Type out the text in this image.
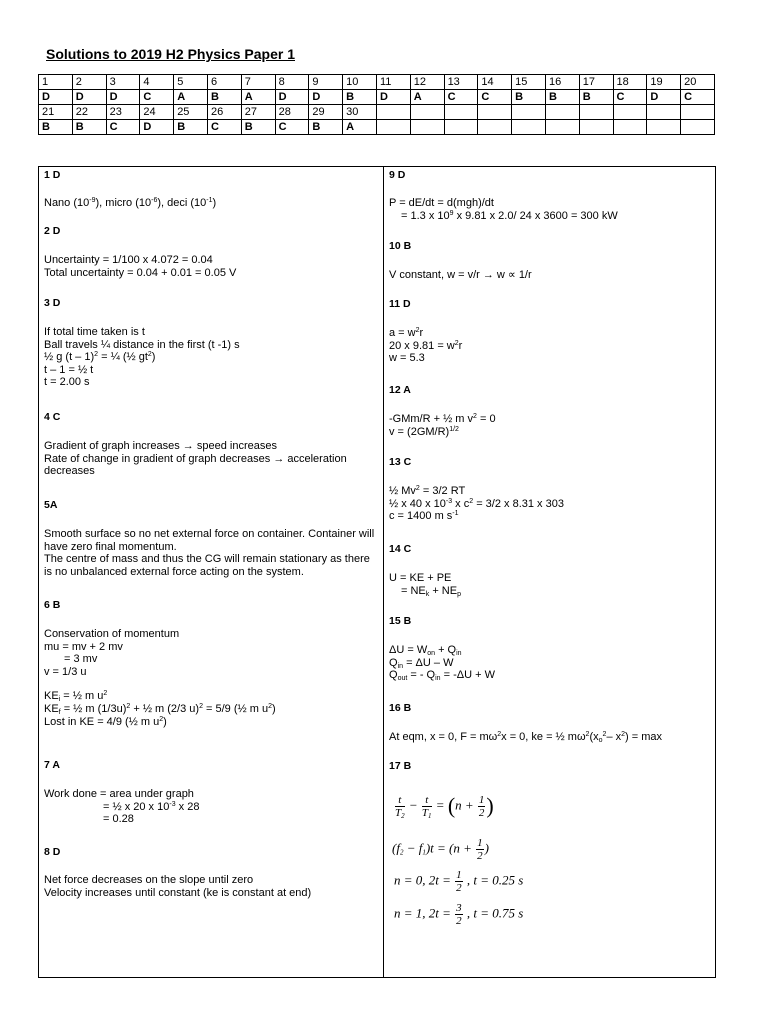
Solutions to 2019 H2 Physics Paper 1
1	2	3	4	5	6	7	8	9	10	11	12	13	14	15	16	17	18	19	20
D	D	D	C	A	B	A	D	D	B	D	A	C	C	B	B	B	C	D	C
21	22	23	24	25	26	27	28	29	30										
B	B	C	D	B	C	B	C	B	A										
1 D
Nano $(10^{-9})$, micro $(10^{-6})$, deci $(10^{-1})$
2 D
Uncertainty = 1/100 x 4.072 = 0.04
Total uncertainty = 0.04 + 0.01 = 0.05 V
3 D
If total time taken is t
Ball travels ¼ distance in the first (t -1) s
½ g (t – 1)$^2$ = ¼ (½ $gt^2$)
t – 1 = ½ t
t = 2.00 s
4 C
Gradient of graph increases → speed increases
Rate of change in gradient of graph decreases → acceleration decreases
5A
Smooth surface so no net external force on container. Container will have zero final momentum.
The centre of mass and thus the CG will remain stationary as there is no unbalanced external force acting on the system.
6 B
Conservation of momentum
mu = mv + 2 mv
= 3 mv
v = 1/3 u
$KE_i$ = ½ m $u^2$
$KE_f$ = ½ m $(1/3u)^2$ + ½ m (2/3 u)$^2$ = 5/9 (½ m $u^2$)
Lost in KE = 4/9 (½ m $u^2$)
7 A
Work done = area under graph
= ½ x 20 x $10^{-3}$ x 28
= 0.28
8 D
Net force decreases on the slope until zero
Velocity increases until constant (ke is constant at end)
9 D
P = dE/dt = d(mgh)/dt
= 1.3 x $10^9$ x 9.81 x 2.0/ 24 x 3600 = 300 kW
10 B
V constant, w = v/r → w ∝ 1/r
11 D
$a = w^2r$
20 x $9.81 = w^2r$
w = 5.3
12 A
-GMm/R + ½ m $v^2 = 0$
$v = (2GM/R)^{1/2}$
13 C
½ $Mv^2 = 3/2$ RT
½ x 40 x $10^{-3}$ x $c^2 = 3/2$ x 8.31 x 303
c = 1400 m $s^{-1}$
14 C
U = KE + PE
= $NE_k + NE_p$
15 B
$\Delta U = W_{on} + Q_{in}$
$Q_{in} = \Delta U - W$
$Q_{out}$ = - $Q_{in} = -\Delta U + W$
16 B
At eqm, x = 0, $F = m\omega^2x = 0$, ke = ½ $m\omega^2(x_o^2-$ $x^2) = \max$
17 B
$\frac{t}{T_2} - \frac{t}{T_1} = (n + \frac{1}{2}$ )
$(f_2 - f_1)t = (n + \frac{1}{2}$ )
n = 0, $2t = \frac{1}{2}$ , t = 0.25 s
n = 1, $2t = \frac{3}{2}$ , t = 0.75 s
